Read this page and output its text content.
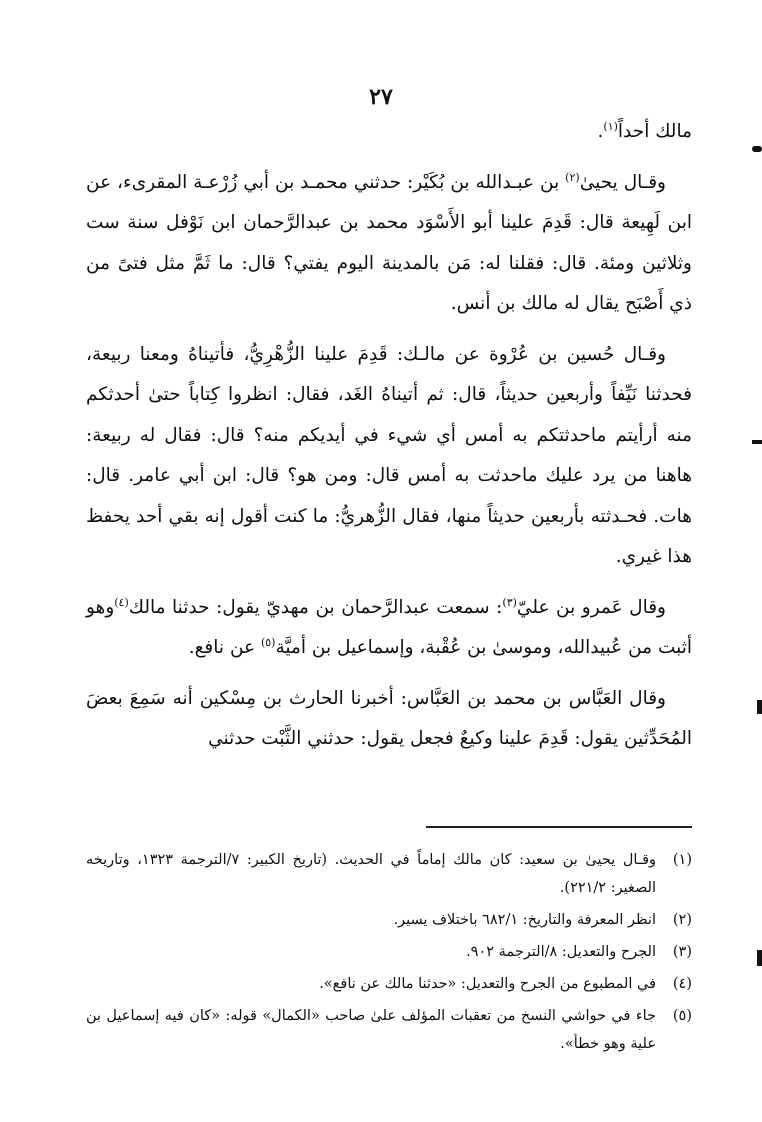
٢٧

مالك أحداً$^{(١)}$.

وقـال يحيىٰ$^{(٢)}$ بن عبـدالله بن بُكَيْر: حدثني محمـد بن أبي زُرْعـة المقرىء، عن ابن لَهِيعة قال: قَدِمَ علينا أبو الأَسْوَد محمد بن عبدالرَّحمان ابن نَوْفل سنة ست وثلاثين ومئة. قال: فقلنا له: مَن بالمدينة اليوم يفتي؟ قال: ما ثَمَّ مثل فتىً من ذي أَصْبَح يقال له مالك بن أنس.

وقـال حُسين بن عُرْوة عن مالـك: قَدِمَ علينا الزُّهْرِيُّ، فأتيناهُ ومعنا ربيعة، فحدثنا نَيِّفاً وأربعين حديثاً، قال: ثم أتيناهُ الغَد، فقال: انظروا كِتاباً حتىٰ أحدثكم منه أرأيتم ماحدثتكم به أمس أي شيء في أيديكم منه؟ قال: فقال له ربيعة: هاهنا من يرد عليك ماحدثت به أمس قال: ومن هو؟ قال: ابن أبي عامر. قال: هات. فحـدثته بأربعين حديثاً منها، فقال الزُّهريُّ: ما كنت أقول إنه بقي أحد يحفظ هذا غيري.

وقال عَمرو بن عليّ$^{(٣)}$: سمعت عبدالرَّحمان بن مهديّ يقول: حدثنا مالك$^{(٤)}$وهو أثبت من عُبيدالله، وموسىٰ بن عُقْبة، وإسماعيل بن أميَّة$^{(٥)}$ عن نافع.

وقال العَبَّاس بن محمد بن العَبَّاس: أخبرنا الحارث بن مِسْكين أنه سَمِعَ بعضَ المُحَدِّثين يقول: قَدِمَ علينا وكيعٌ فجعل يقول: حدثني الثَّبْت حدثني

(١)
وقـال يحيىٰ بن سعيد: كان مالك إماماً في الحديث. (تاريخ الكبير: ٧/الترجمة ١٣٢٣، وتاريخه الصغير: ٢٢١/٢).
(٢)
انظر المعرفة والتاريخ: ٦٨٢/١ باختلاف يسير.
(٣)
الجرح والتعديل: ٨/الترجمة ٩٠٢.
(٤)
في المطبوع من الجرح والتعديل: «حدثنا مالك عن نافع».
(٥)
جاء في حواشي النسخ من تعقبات المؤلف علىٰ صاحب «الكمال» قوله: «كان فيه إسماعيل بن علية وهو خطأ».
